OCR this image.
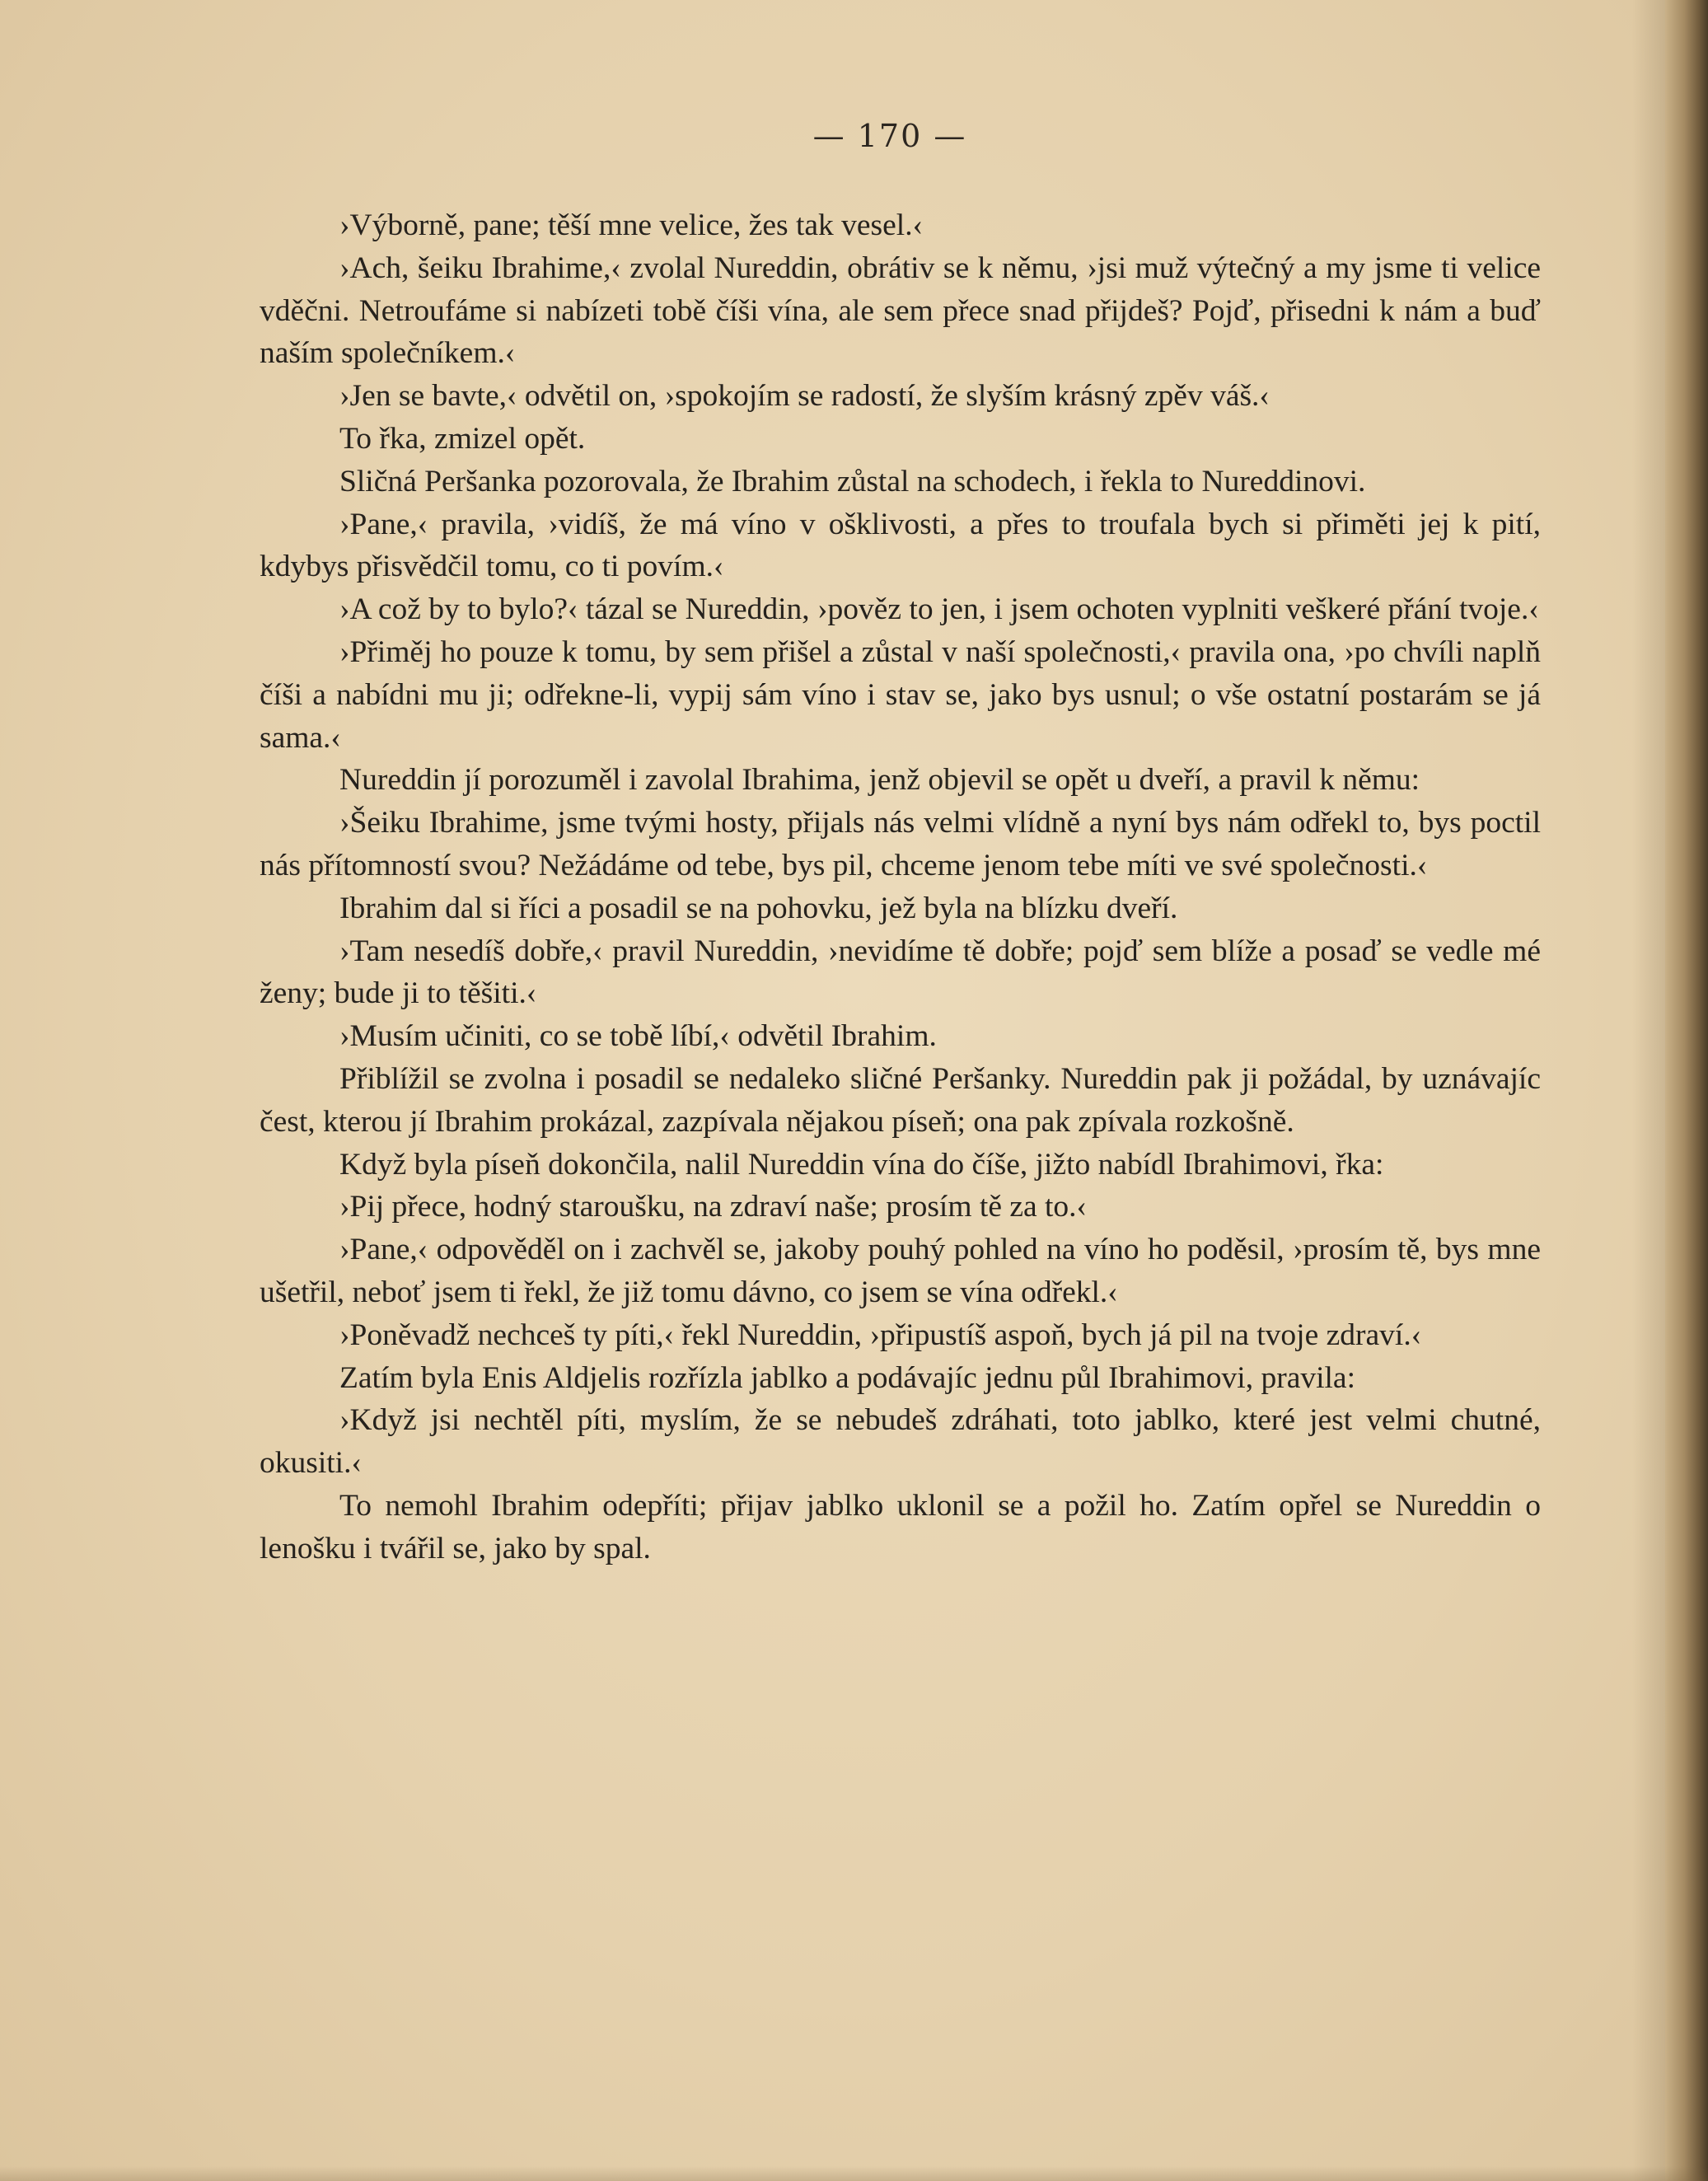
— 170 —

›Výborně, pane; těší mne velice, žes tak vesel.‹

›Ach, šeiku Ibrahime,‹ zvolal Nureddin, obrátiv se k němu, ›jsi muž výtečný a my jsme ti velice vděčni. Netroufáme si nabízeti tobě číši vína, ale sem přece snad přijdeš? Pojď, přisedni k nám a buď naším společníkem.‹

›Jen se bavte,‹ odvětil on, ›spokojím se radostí, že slyším krásný zpěv váš.‹

To řka, zmizel opět.

Sličná Peršanka pozorovala, že Ibrahim zůstal na schodech, i řekla to Nureddinovi.

›Pane,‹ pravila, ›vidíš, že má víno v ošklivosti, a přes to troufala bych si přiměti jej k pití, kdybys přisvědčil tomu, co ti povím.‹

›A což by to bylo?‹ tázal se Nureddin, ›pověz to jen, i jsem ochoten vyplniti veškeré přání tvoje.‹

›Přiměj ho pouze k tomu, by sem přišel a zůstal v naší společnosti,‹ pravila ona, ›po chvíli naplň číši a nabídni mu ji; odřekne-li, vypij sám víno i stav se, jako bys usnul; o vše ostatní postarám se já sama.‹

Nureddin jí porozuměl i zavolal Ibrahima, jenž objevil se opět u dveří, a pravil k němu:

›Šeiku Ibrahime, jsme tvými hosty, přijals nás velmi vlídně a nyní bys nám odřekl to, bys poctil nás přítomností svou? Nežádáme od tebe, bys pil, chceme jenom tebe míti ve své společnosti.‹

Ibrahim dal si říci a posadil se na pohovku, jež byla na blízku dveří.

›Tam nesedíš dobře,‹ pravil Nureddin, ›nevidíme tě dobře; pojď sem blíže a posaď se vedle mé ženy; bude ji to těšiti.‹

›Musím učiniti, co se tobě líbí,‹ odvětil Ibrahim.

Přiblížil se zvolna i posadil se nedaleko sličné Peršanky. Nureddin pak ji požádal, by uznávajíc čest, kterou jí Ibrahim prokázal, zazpívala nějakou píseň; ona pak zpívala rozkošně.

Když byla píseň dokončila, nalil Nureddin vína do číše, jižto nabídl Ibrahimovi, řka:

›Pij přece, hodný staroušku, na zdraví naše; prosím tě za to.‹

›Pane,‹ odpověděl on i zachvěl se, jakoby pouhý pohled na víno ho poděsil, ›prosím tě, bys mne ušetřil, neboť jsem ti řekl, že již tomu dávno, co jsem se vína odřekl.‹

›Poněvadž nechceš ty píti,‹ řekl Nureddin, ›připustíš aspoň, bych já pil na tvoje zdraví.‹

Zatím byla Enis Aldjelis rozřízla jablko a podávajíc jednu půl Ibrahimovi, pravila:

›Když jsi nechtěl píti, myslím, že se nebudeš zdráhati, toto jablko, které jest velmi chutné, okusiti.‹

To nemohl Ibrahim odepříti; přijav jablko uklonil se a požil ho. Zatím opřel se Nureddin o lenošku i tvářil se, jako by spal.
